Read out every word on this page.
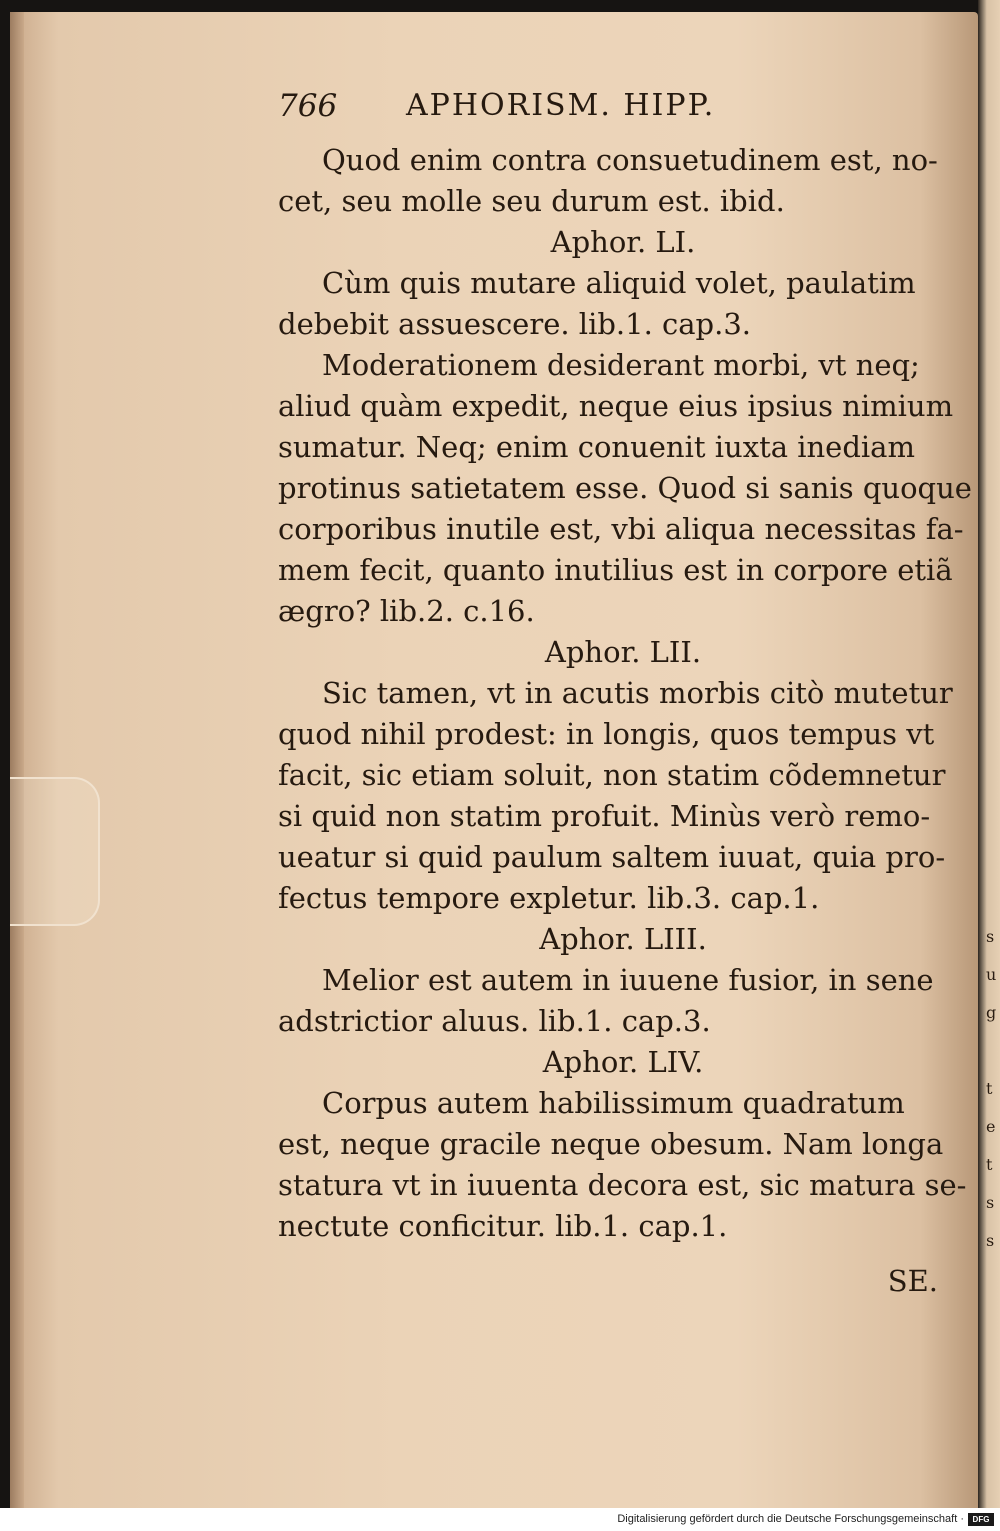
766 APHORISM. HIPP.
Quod enim contra consuetudinem est, no-
cet, seu molle seu durum est. ibid.
Aphor. LI.
Cùm quis mutare aliquid volet, paulatim
debebit assuescere. lib.1. cap.3.
Moderationem desiderant morbi, vt neq;
aliud quàm expedit, neque eius ipsius nimium
sumatur. Neq; enim conuenit iuxta inediam
protinus satietatem esse. Quod si sanis quoque
corporibus inutile est, vbi aliqua necessitas fa-
mem fecit, quanto inutilius est in corpore etiã
ægro? lib.2. c.16.
Aphor. LII.
Sic tamen, vt in acutis morbis citò mutetur
quod nihil prodest: in longis, quos tempus vt
facit, sic etiam soluit, non statim cõdemnetur
si quid non statim profuit. Minùs verò remo-
ueatur si quid paulum saltem iuuat, quia pro-
fectus tempore expletur. lib.3. cap.1.
Aphor. LIII.
Melior est autem in iuuene fusior, in sene
adstrictior aluus. lib.1. cap.3.
Aphor. LIV.
Corpus autem habilissimum quadratum
est, neque gracile neque obesum. Nam longa
statura vt in iuuenta decora est, sic matura se-
nectute conficitur. lib.1. cap.1.
SE.
s
u
g

t
e
t
s
s
Digitalisierung gefördert durch die Deutsche Forschungsgemeinschaft ·	DFG
